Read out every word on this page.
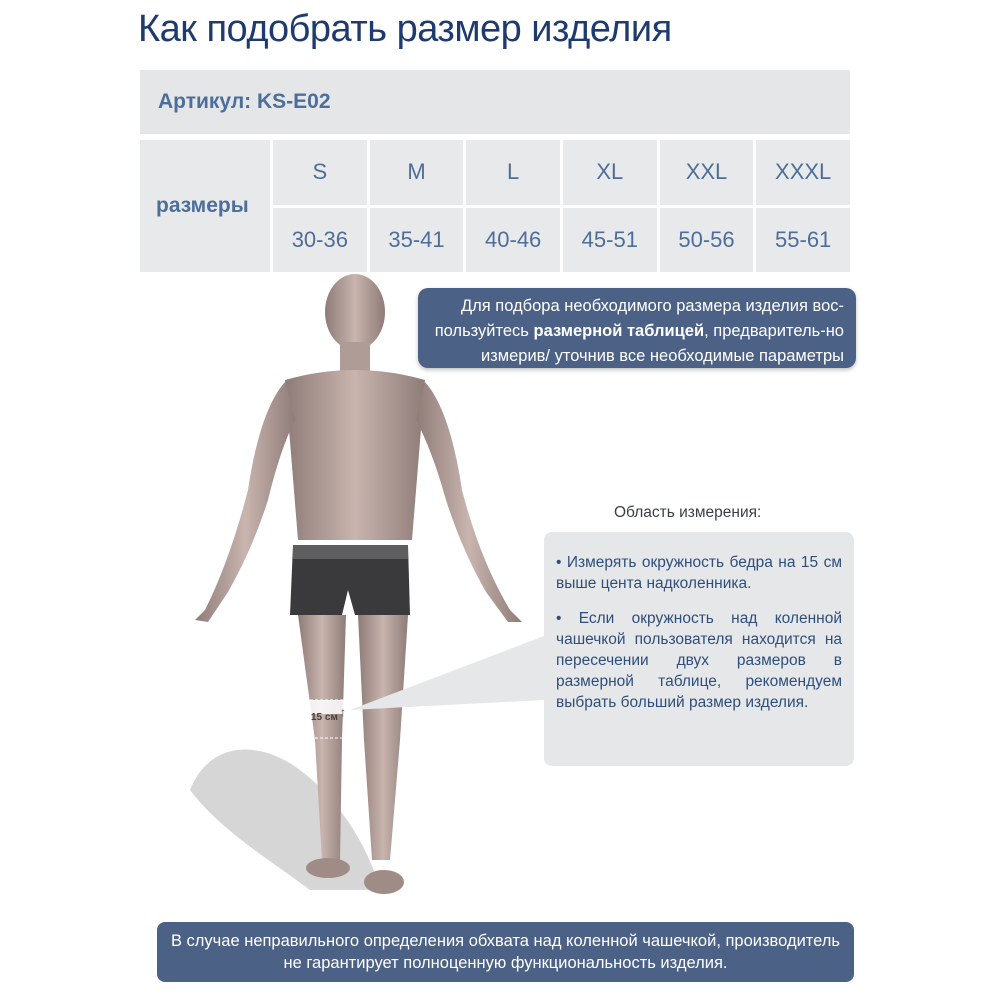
Как подобрать размер изделия
Артикул: KS-E02
размеры
S	M	L	XL	XXL	XXXL
30-36	35-41	40-46	45-51	50-56	55-61
Для подбора необходимого размера изделия вос-пользуйтесь размерной таблицей, предваритель-но измерив/ уточнив все необходимые параметры
15 см ↑
Область измерения:

• Измерять окружность бедра на 15 см выше цента надколенника.

• Если окружность над коленной чашечкой пользователя находится на пересечении двух размеров в размерной таблице, рекомендуем выбрать больший размер изделия.

В случае неправильного определения обхвата над коленной чашечкой, производитель не гарантирует полноценную функциональность изделия.
